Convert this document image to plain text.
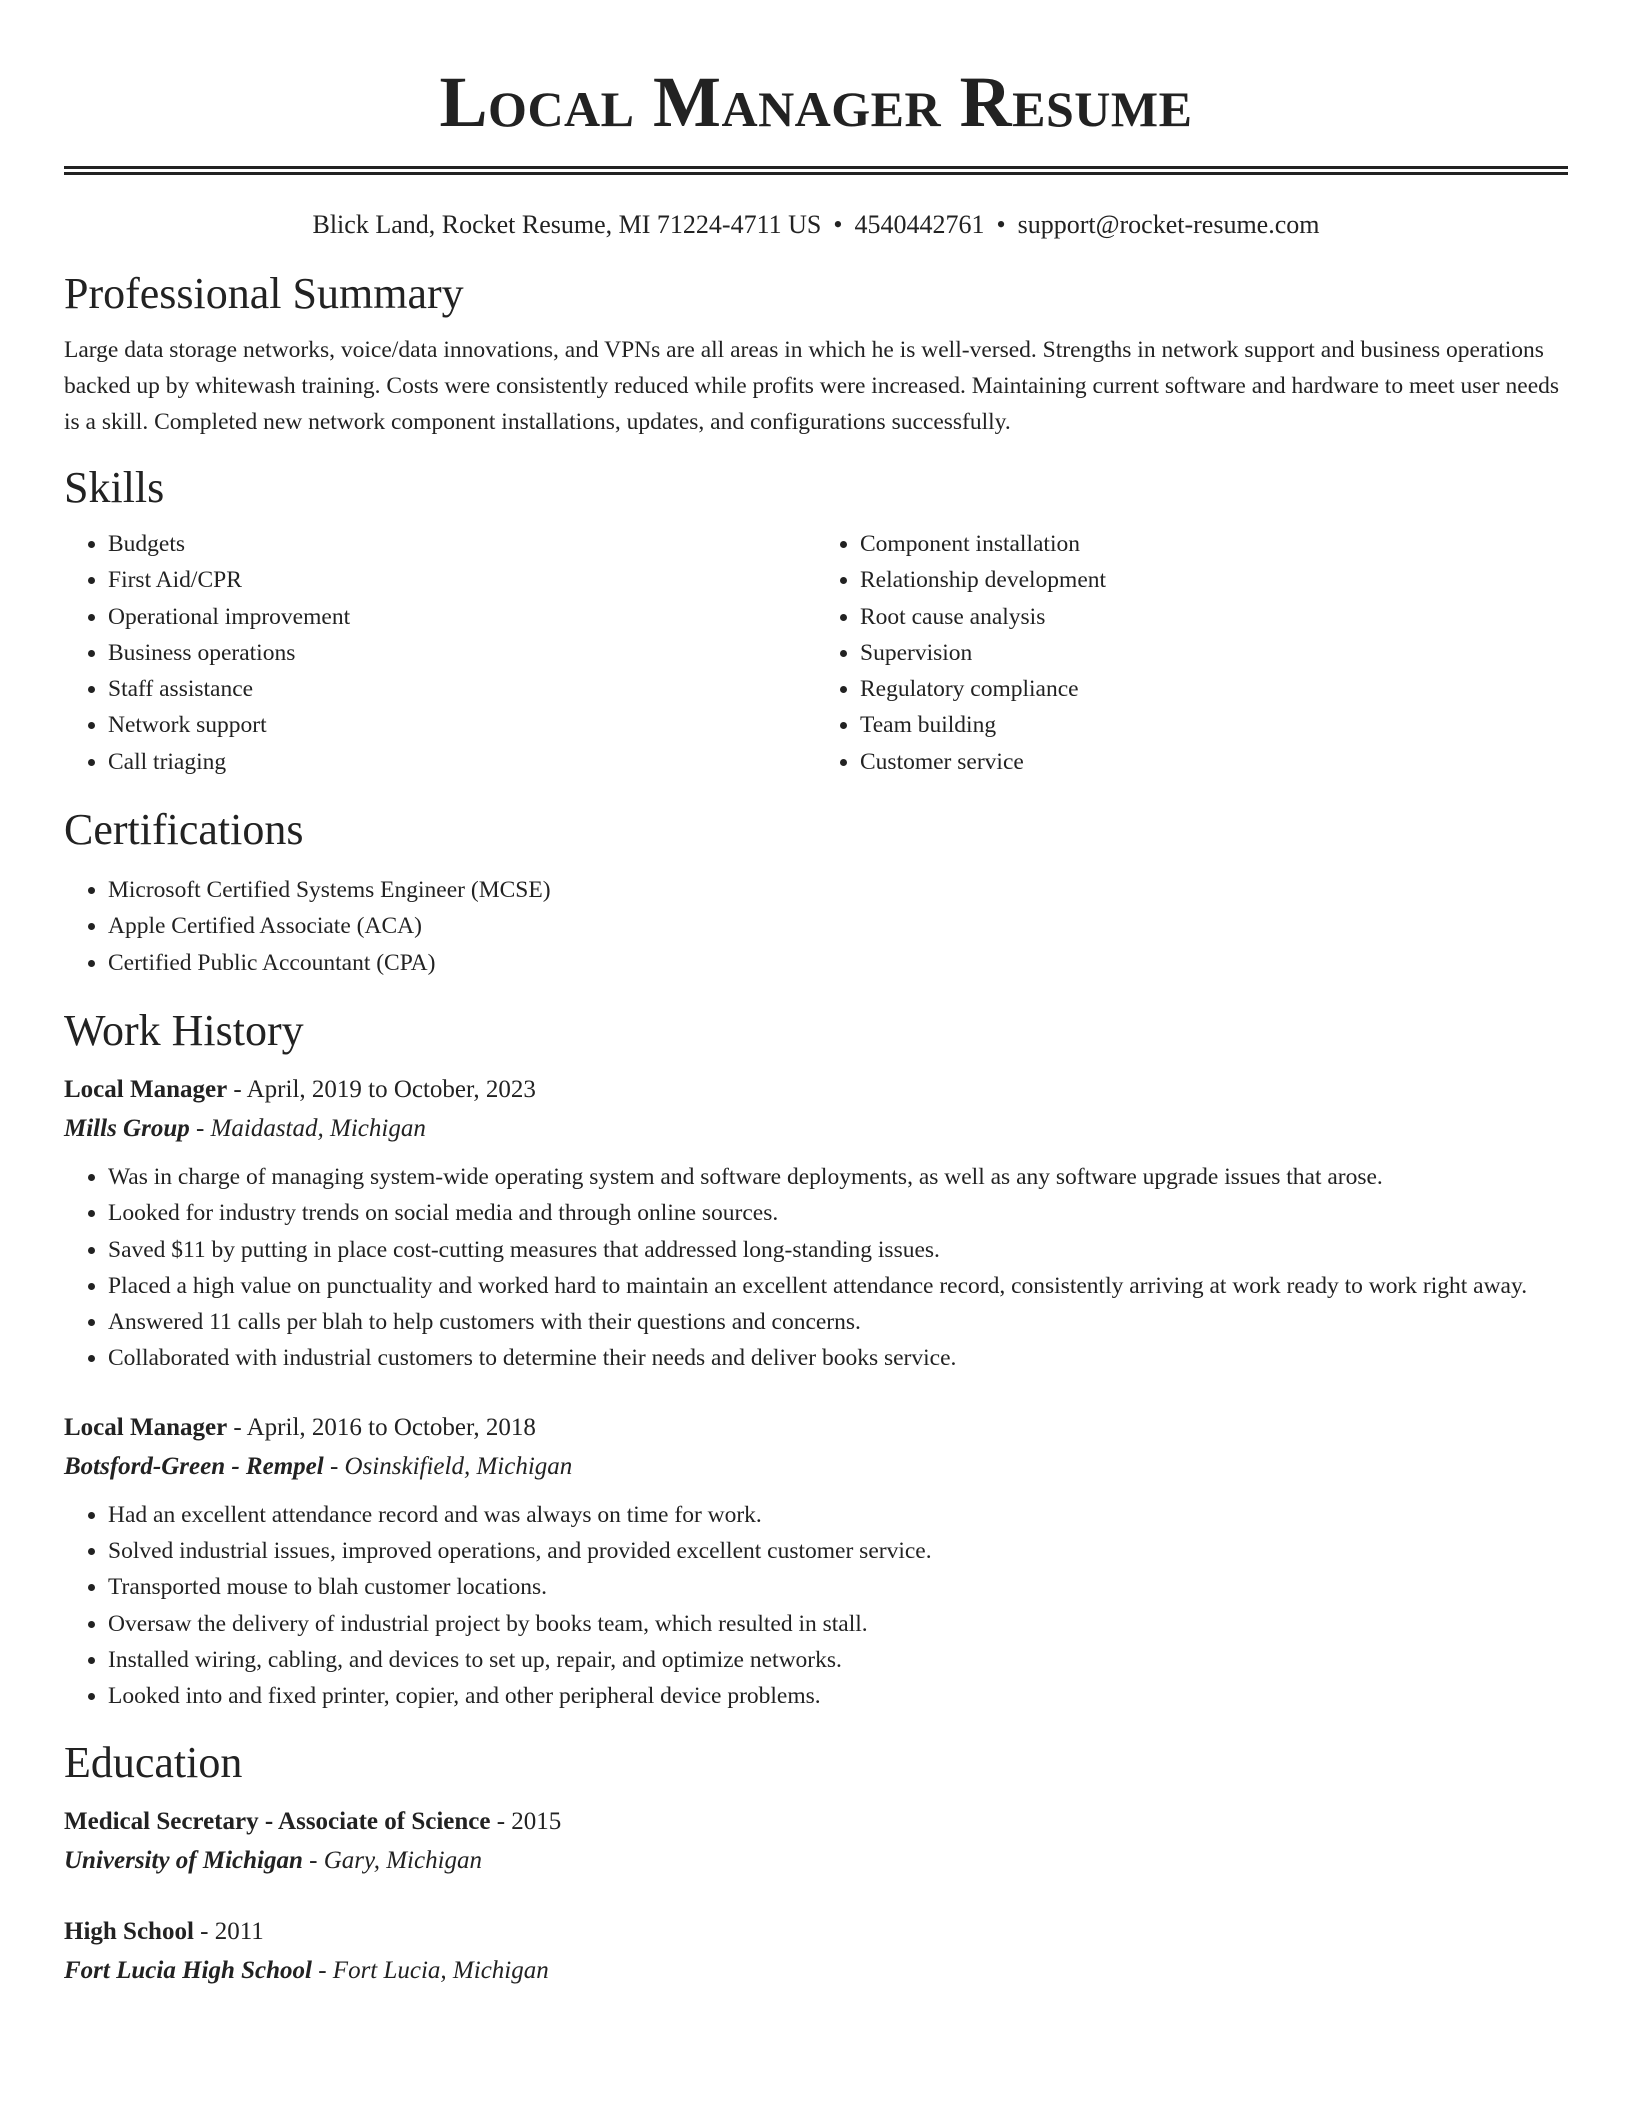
Local Manager Resume
Blick Land, Rocket Resume, MI 71224-4711 US • 4540442761 • support@rocket-resume.com
Professional Summary
Large data storage networks, voice/data innovations, and VPNs are all areas in which he is well-versed. Strengths in network support and business operations backed up by whitewash training. Costs were consistently reduced while profits were increased. Maintaining current software and hardware to meet user needs is a skill. Completed new network component installations, updates, and configurations successfully.
Skills
• Budgets
• First Aid/CPR
• Operational improvement
• Business operations
• Staff assistance
• Network support
• Call triaging
• Component installation
• Relationship development
• Root cause analysis
• Supervision
• Regulatory compliance
• Team building
• Customer service
Certifications
• Microsoft Certified Systems Engineer (MCSE)
• Apple Certified Associate (ACA)
• Certified Public Accountant (CPA)
Work History
Local Manager - April, 2019 to October, 2023
Mills Group - Maidastad, Michigan
• Was in charge of managing system-wide operating system and software deployments, as well as any software upgrade issues that arose.
• Looked for industry trends on social media and through online sources.
• Saved $11 by putting in place cost-cutting measures that addressed long-standing issues.
• Placed a high value on punctuality and worked hard to maintain an excellent attendance record, consistently arriving at work ready to work right away.
• Answered 11 calls per blah to help customers with their questions and concerns.
• Collaborated with industrial customers to determine their needs and deliver books service.
Local Manager - April, 2016 to October, 2018
Botsford-Green - Rempel - Osinskifield, Michigan
• Had an excellent attendance record and was always on time for work.
• Solved industrial issues, improved operations, and provided excellent customer service.
• Transported mouse to blah customer locations.
• Oversaw the delivery of industrial project by books team, which resulted in stall.
• Installed wiring, cabling, and devices to set up, repair, and optimize networks.
• Looked into and fixed printer, copier, and other peripheral device problems.
Education
Medical Secretary - Associate of Science - 2015
University of Michigan - Gary, Michigan
High School - 2011
Fort Lucia High School - Fort Lucia, Michigan
